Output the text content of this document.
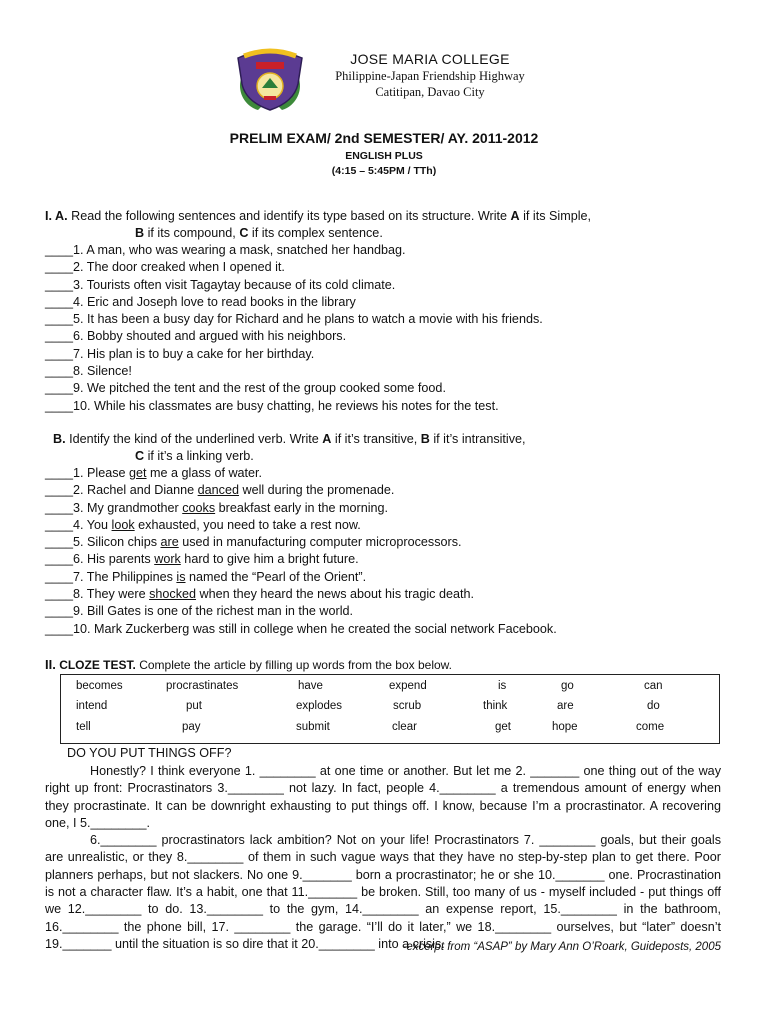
JOSE MARIA COLLEGE
Philippine-Japan Friendship Highway
Catitipan, Davao City
PRELIM EXAM/ 2nd SEMESTER/ AY. 2011-2012
ENGLISH PLUS
(4:15 – 5:45PM / TTh)
I. A. Read the following sentences and identify its type based on its structure. Write A if its Simple,
B if its compound, C if its complex sentence.
____1. A man, who was wearing a mask, snatched her handbag.
____2. The door creaked when I opened it.
____3. Tourists often visit Tagaytay because of its cold climate.
____4. Eric and Joseph love to read books in the library
____5. It has been a busy day for Richard and he plans to watch a movie with his friends.
____6. Bobby shouted and argued with his neighbors.
____7. His plan is to buy a cake for her birthday.
____8. Silence!
____9. We pitched the tent and the rest of the group cooked some food.
____10. While his classmates are busy chatting, he reviews his notes for the test.
B. Identify the kind of the underlined verb. Write A if it’s transitive, B if it’s intransitive,
C if it’s a linking verb.
____1. Please get me a glass of water.
____2. Rachel and Dianne danced well during the promenade.
____3. My grandmother cooks breakfast early in the morning.
____4. You look exhausted, you need to take a rest now.
____5. Silicon chips are used in manufacturing computer microprocessors.
____6. His parents work hard to give him a bright future.
____7. The Philippines is named the “Pearl of the Orient”.
____8. They were shocked when they heard the news about his tragic death.
____9. Bill Gates is one of the richest man in the world.
____10. Mark Zuckerberg was still in college when he created the social network Facebook.
II. CLOZE TEST. Complete the article by filling up words from the box below.
becomes	procrastinates	have	expend	is	go	can
intend	put	explodes	scrub	think	are	do
tell	pay	submit	clear	get	hope	come
DO YOU PUT THINGS OFF?

Honestly? I think everyone 1. ________ at one time or another. But let me 2. _______ one thing out of the way right up front: Procrastinators 3.________ not lazy. In fact, people 4.________ a tremendous amount of energy when they procrastinate. It can be downright exhausting to put things off. I know, because I’m a procrastinator. A recovering one, I 5.________.

6.________ procrastinators lack ambition? Not on your life! Procrastinators 7. ________ goals, but their goals are unrealistic, or they 8.________ of them in such vague ways that they have no step-by-step plan to get there. Poor planners perhaps, but not slackers. No one 9._______ born a procrastinator; he or she 10._______ one. Procrastination is not a character flaw. It’s a habit, one that 11._______ be broken. Still, too many of us - myself included - put things off we 12.________ to do. 13.________ to the gym, 14.________ an expense report, 15.________ in the bathroom, 16.________ the phone bill, 17. ________ the garage. “I’ll do it later,” we 18.________ ourselves, but “later” doesn’t 19._______ until the situation is so dire that it 20.________ into a crisis.

-excerpt from “ASAP” by Mary Ann O’Roark, Guideposts, 2005
